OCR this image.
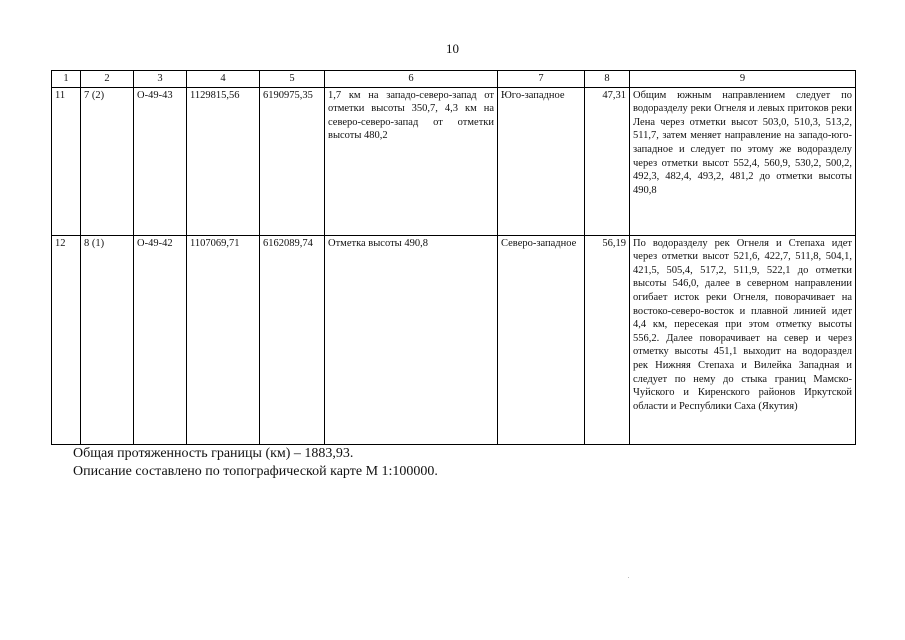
10
1	2	3	4	5	6	7	8	9
11	7 (2)	О-49-43	1129815,56	6190975,35	1,7 км на западо-северо-запад от отметки высоты 350,7, 4,3 км на северо-северо-запад от отметки высоты 480,2	Юго-западное	47,31	Общим южным направлением следует по водоразделу реки Огнеля и левых притоков реки Лена через отметки высот 503,0, 510,3, 513,2, 511,7, затем меняет направление на западо-юго-западное и следует по этому же водоразделу через отметки высот 552,4, 560,9, 530,2, 500,2, 492,3, 482,4, 493,2, 481,2 до отметки высоты 490,8
12	8 (1)	О-49-42	1107069,71	6162089,74	Отметка высоты 490,8	Северо-западное	56,19	По водоразделу рек Огнеля и Степаха идет через отметки высот 521,6, 422,7, 511,8, 504,1, 421,5, 505,4, 517,2, 511,9, 522,1 до отметки высоты 546,0, далее в северном направлении огибает исток реки Огнеля, поворачивает на востоко-северо-восток и плавной линией идет 4,4 км, пересекая при этом отметку высоты 556,2. Далее поворачивает на север и через отметку высоты 451,1 выходит на водораздел рек Нижняя Степаха и Вилейка Западная и следует по нему до стыка границ Мамско-Чуйского и Киренского районов Иркутской области и Республики Саха (Якутия)
Общая протяженность границы (км) – 1883,93.
Описание составлено по топографической карте М 1:100000.
